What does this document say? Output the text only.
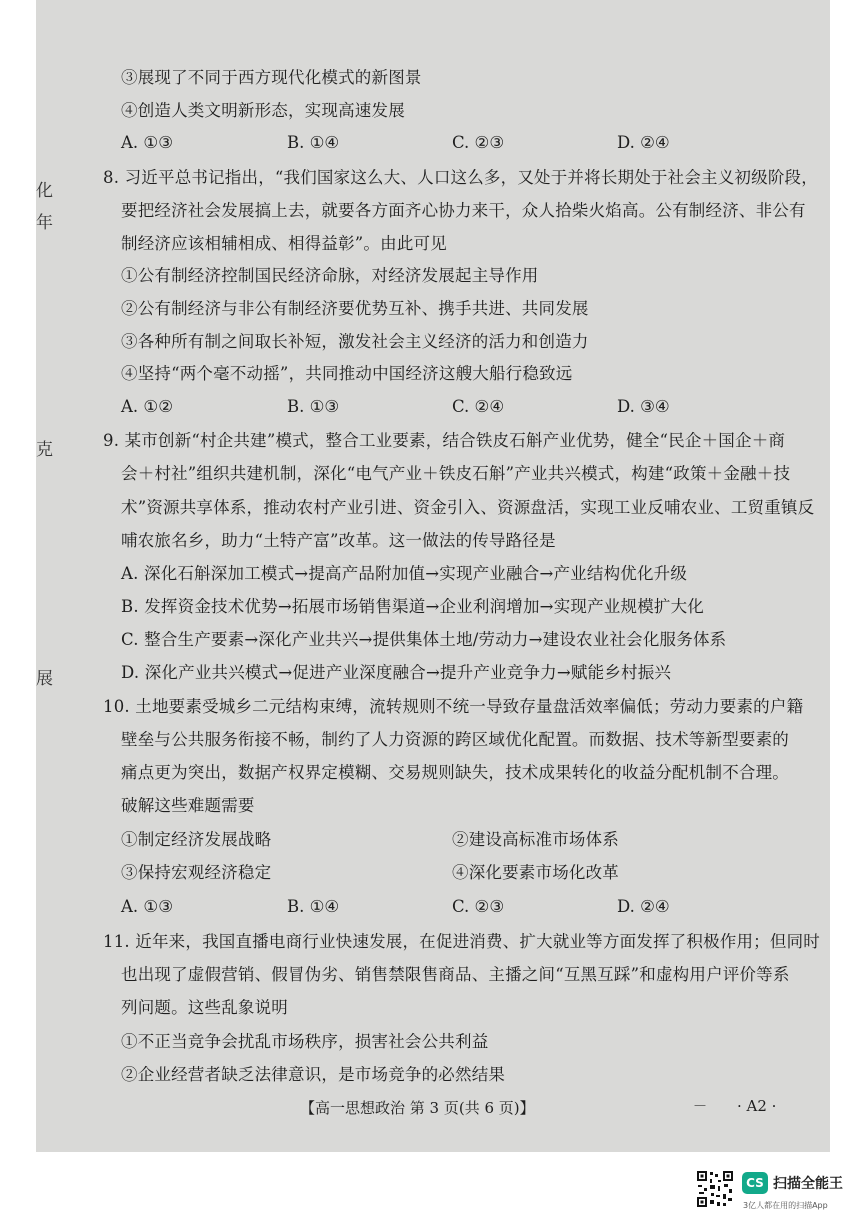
化
年
克
展
③展现了不同于西方现代化模式的新图景
④创造人类文明新形态，实现高速发展
A. ①③	B. ①④	C. ②③	D. ②④
8. 习近平总书记指出，“我们国家这么大、人口这么多，又处于并将长期处于社会主义初级阶段，
要把经济社会发展搞上去，就要各方面齐心协力来干，众人拾柴火焰高。公有制经济、非公有
制经济应该相辅相成、相得益彰”。由此可见
①公有制经济控制国民经济命脉，对经济发展起主导作用
②公有制经济与非公有制经济要优势互补、携手共进、共同发展
③各种所有制之间取长补短，激发社会主义经济的活力和创造力
④坚持“两个毫不动摇”，共同推动中国经济这艘大船行稳致远
A. ①②	B. ①③	C. ②④	D. ③④
9. 某市创新“村企共建”模式，整合工业要素，结合铁皮石斛产业优势，健全“民企＋国企＋商
会＋村社”组织共建机制，深化“电气产业＋铁皮石斛”产业共兴模式，构建“政策＋金融＋技
术”资源共享体系，推动农村产业引进、资金引入、资源盘活，实现工业反哺农业、工贸重镇反
哺农旅名乡，助力“土特产富”改革。这一做法的传导路径是
A. 深化石斛深加工模式→提高产品附加值→实现产业融合→产业结构优化升级
B. 发挥资金技术优势→拓展市场销售渠道→企业利润增加→实现产业规模扩大化
C. 整合生产要素→深化产业共兴→提供集体土地/劳动力→建设农业社会化服务体系
D. 深化产业共兴模式→促进产业深度融合→提升产业竞争力→赋能乡村振兴
10. 土地要素受城乡二元结构束缚，流转规则不统一导致存量盘活效率偏低；劳动力要素的户籍
壁垒与公共服务衔接不畅，制约了人力资源的跨区域优化配置。而数据、技术等新型要素的
痛点更为突出，数据产权界定模糊、交易规则缺失，技术成果转化的收益分配机制不合理。
破解这些难题需要
①制定经济发展战略	②建设高标准市场体系
③保持宏观经济稳定	④深化要素市场化改革
A. ①③	B. ①④	C. ②③	D. ②④
11. 近年来，我国直播电商行业快速发展，在促进消费、扩大就业等方面发挥了积极作用；但同时
也出现了虚假营销、假冒伪劣、销售禁限售商品、主播之间“互黑互踩”和虚构用户评价等系
列问题。这些乱象说明
①不正当竞争会扰乱市场秩序，损害社会公共利益
②企业经营者缺乏法律意识，是市场竞争的必然结果
【高一思想政治 第 3 页(共 6 页)】	— · A2 ·
CS 扫描全能王
3亿人都在用的扫描App
